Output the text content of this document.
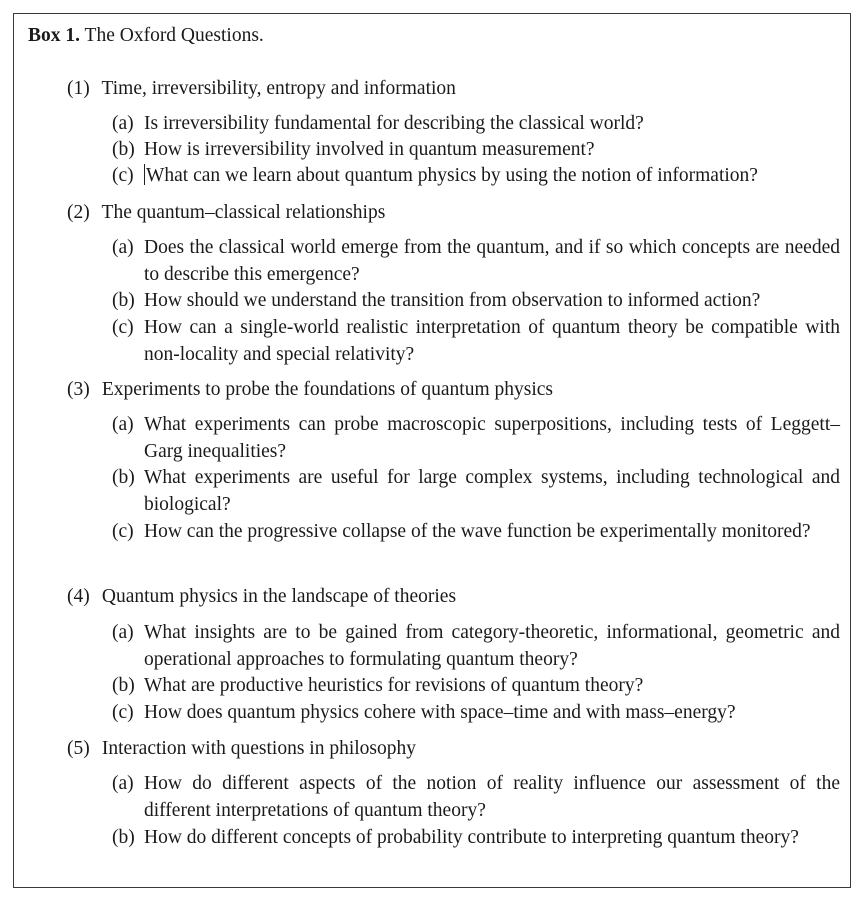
Box 1. The Oxford Questions.
(1) Time, irreversibility, entropy and information
(a) Is irreversibility fundamental for describing the classical world?
(b) How is irreversibility involved in quantum measurement?
(c) What can we learn about quantum physics by using the notion of information?
(2) The quantum–classical relationships
(a) Does the classical world emerge from the quantum, and if so which concepts are needed to describe this emergence?
(b) How should we understand the transition from observation to informed action?
(c) How can a single-world realistic interpretation of quantum theory be compatible with non-locality and special relativity?
(3) Experiments to probe the foundations of quantum physics
(a) What experiments can probe macroscopic superpositions, including tests of Leggett–Garg inequalities?
(b) What experiments are useful for large complex systems, including technological and biological?
(c) How can the progressive collapse of the wave function be experimentally monitored?
(4) Quantum physics in the landscape of theories
(a) What insights are to be gained from category-theoretic, informational, geometric and operational approaches to formulating quantum theory?
(b) What are productive heuristics for revisions of quantum theory?
(c) How does quantum physics cohere with space–time and with mass–energy?
(5) Interaction with questions in philosophy
(a) How do different aspects of the notion of reality influence our assessment of the different interpretations of quantum theory?
(b) How do different concepts of probability contribute to interpreting quantum theory?
